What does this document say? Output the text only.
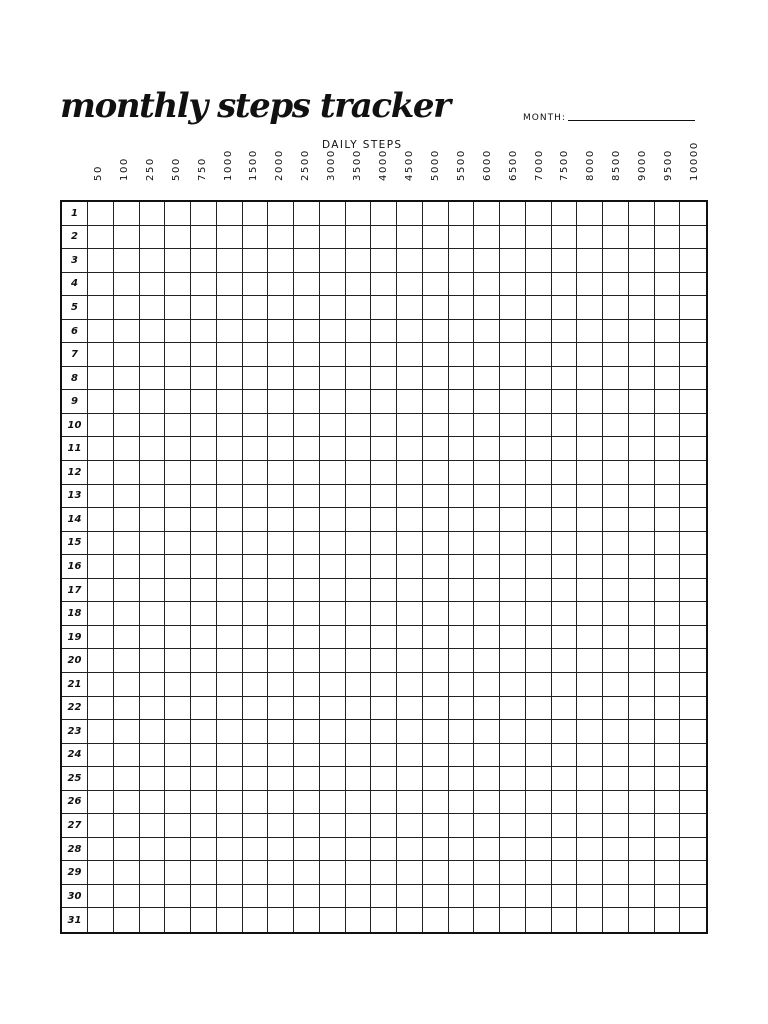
monthly steps tracker	MONTH:
DAILY STEPS
50 100 250 500 750 1000 1500 2000 2500 3000 3500 4000 4500 5000 5500 6000 6500 7000 7500 8000 8500 9000 9500 10000
1
2
3
4
5
6
7
8
9
10
11
12
13
14
15
16
17
18
19
20
21
22
23
24
25
26
27
28
29
30
31
